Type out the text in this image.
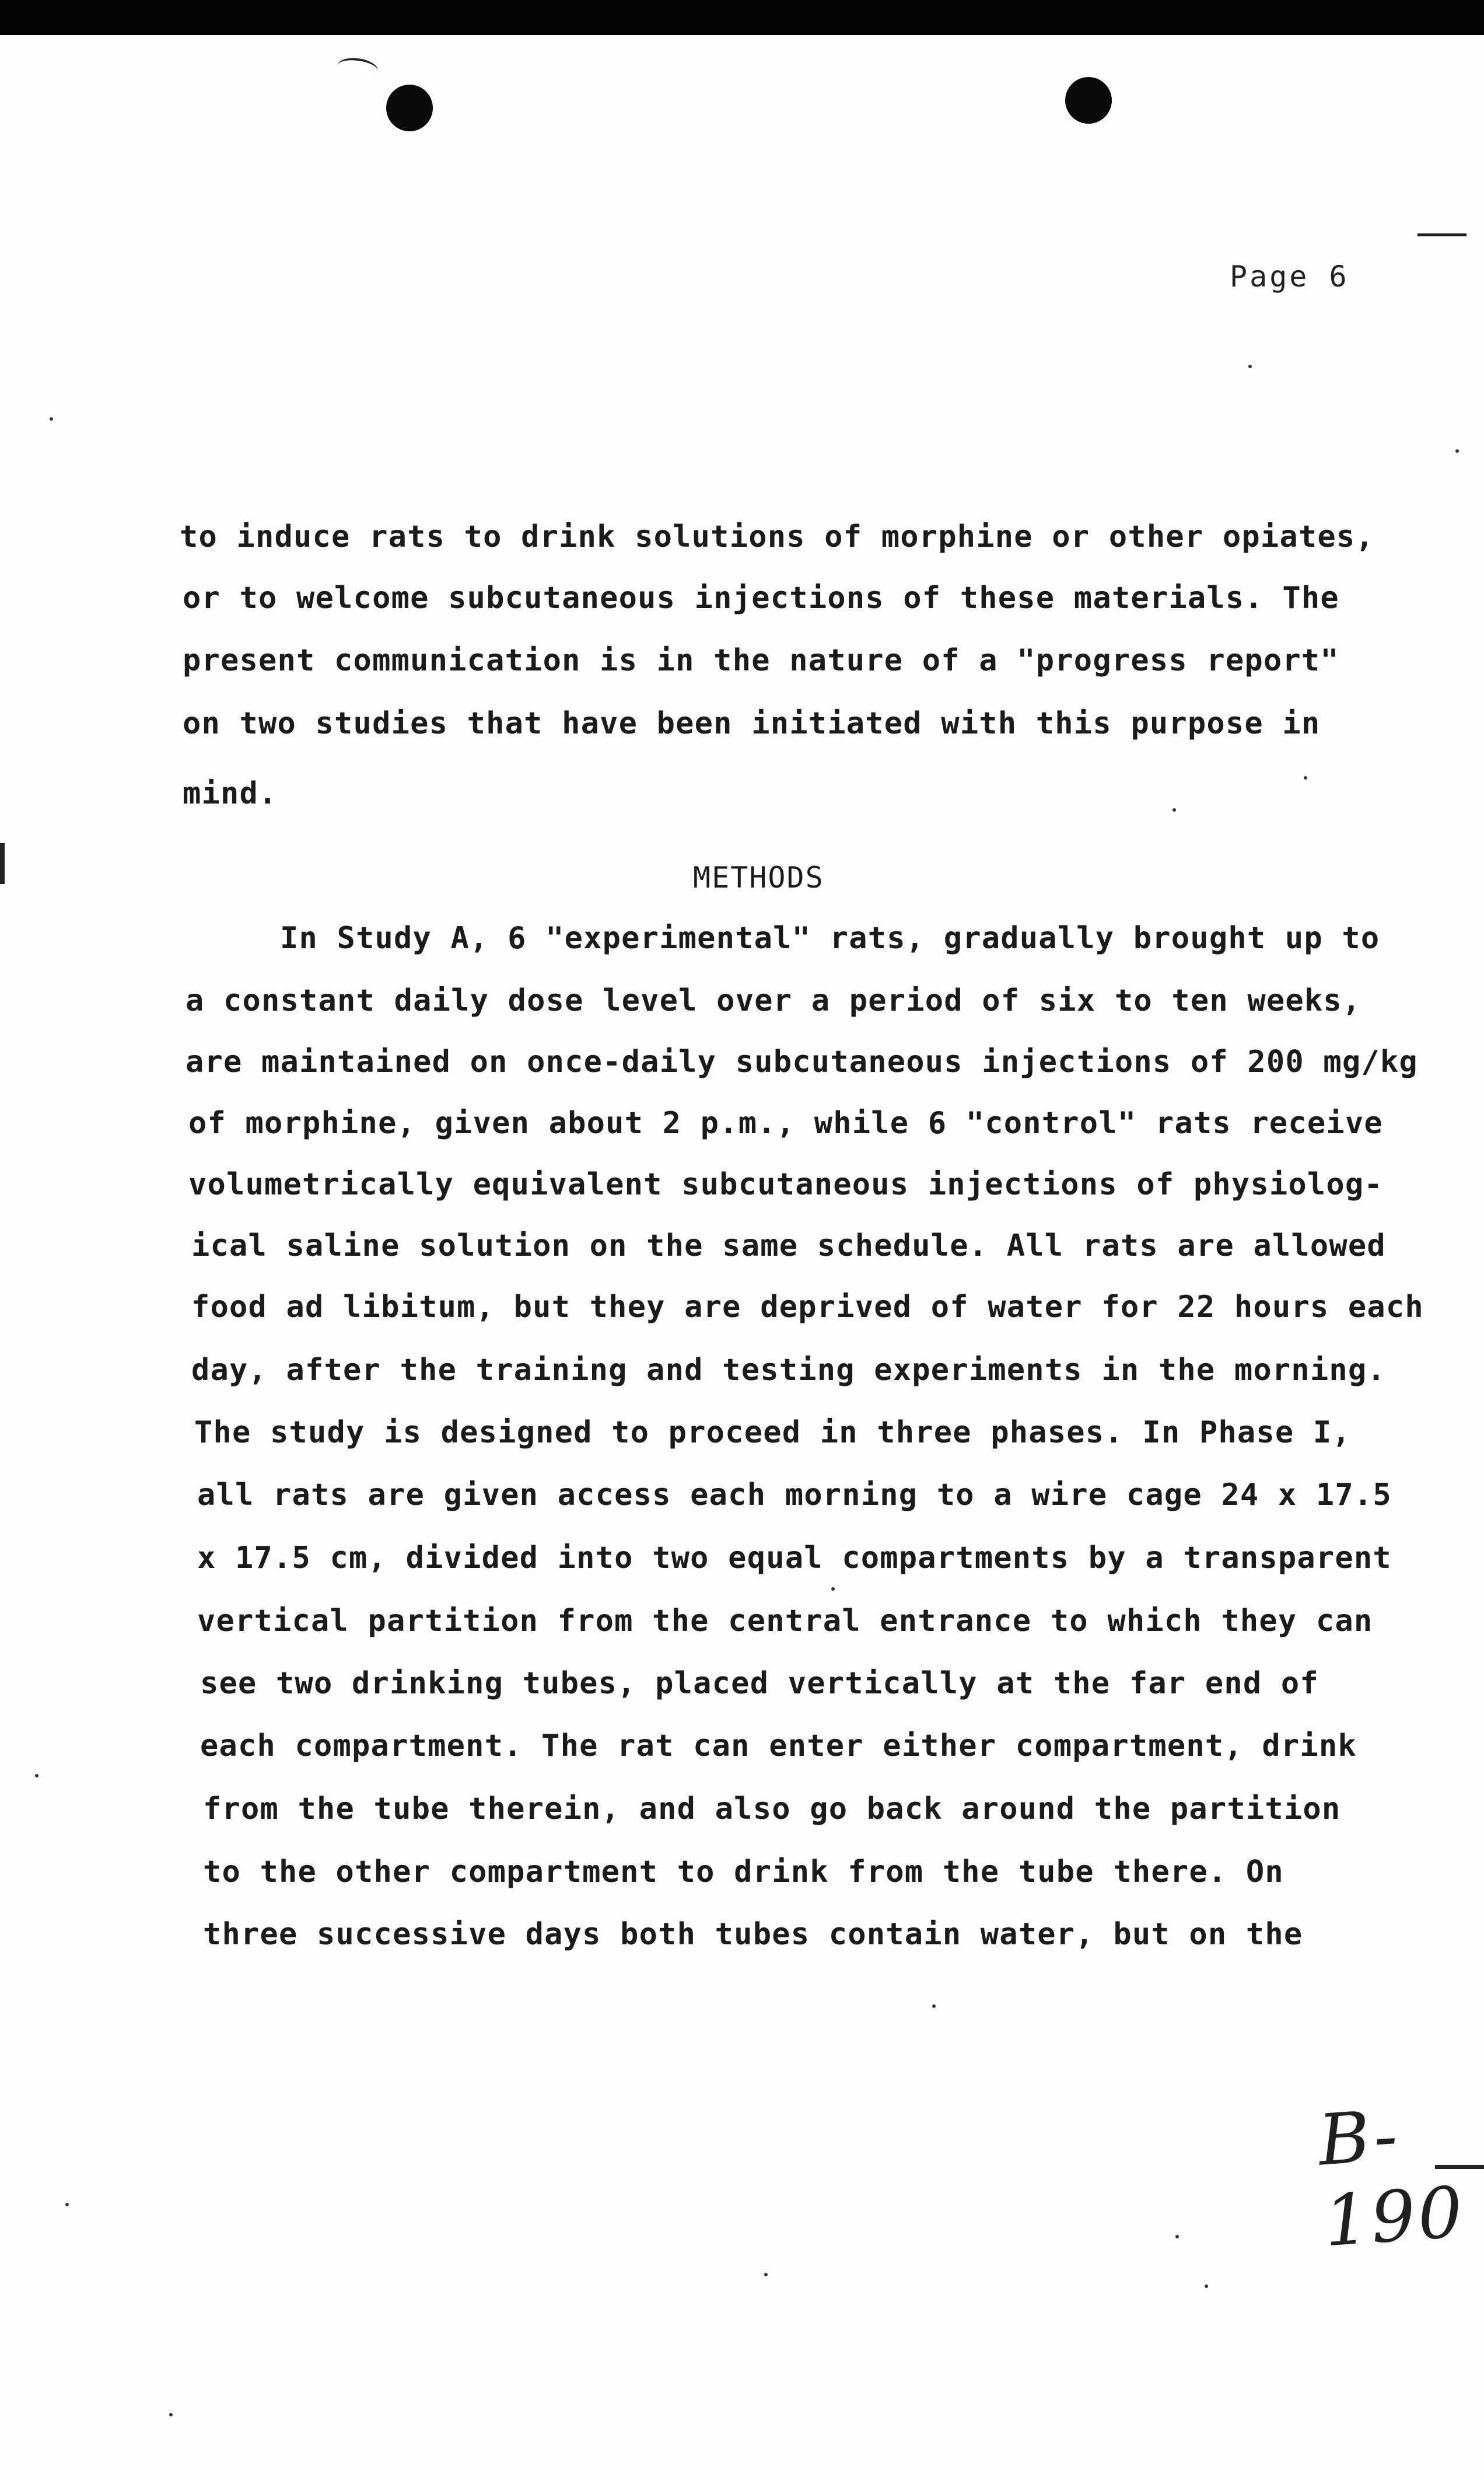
Page 6
to induce rats to drink solutions of morphine or other opiates,
or to welcome subcutaneous injections of these materials. The
present communication is in the nature of a "progress report"
on two studies that have been initiated with this purpose in
mind.
METHODS
In Study A, 6 "experimental" rats, gradually brought up to
a constant daily dose level over a period of six to ten weeks,
are maintained on once-daily subcutaneous injections of 200 mg/kg
of morphine, given about 2 p.m., while 6 "control" rats receive
volumetrically equivalent subcutaneous injections of physiolog-
ical saline solution on the same schedule. All rats are allowed
food ad libitum, but they are deprived of water for 22 hours each
day, after the training and testing experiments in the morning.
The study is designed to proceed in three phases. In Phase I,
all rats are given access each morning to a wire cage 24 x 17.5
x 17.5 cm, divided into two equal compartments by a transparent
vertical partition from the central entrance to which they can
see two drinking tubes, placed vertically at the far end of
each compartment. The rat can enter either compartment, drink
from the tube therein, and also go back around the partition
to the other compartment to drink from the tube there. On
three successive days both tubes contain water, but on the
B-190
